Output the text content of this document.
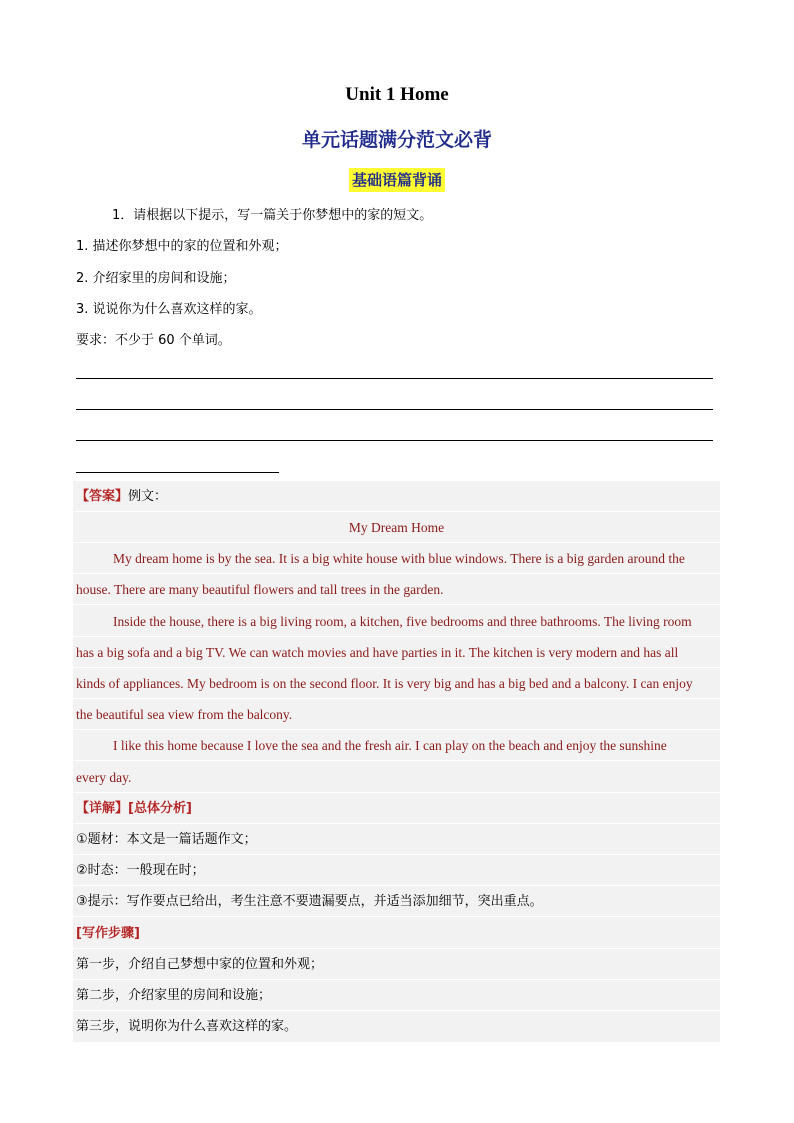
Unit 1 Home
单元话题满分范文必背
基础语篇背诵
1．请根据以下提示，写一篇关于你梦想中的家的短文。
1. 描述你梦想中的家的位置和外观；
2. 介绍家里的房间和设施；
3. 说说你为什么喜欢这样的家。
要求：不少于 60 个单词。
【答案】例文：
My Dream Home
My dream home is by the sea. It is a big white house with blue windows. There is a big garden around the
house. There are many beautiful flowers and tall trees in the garden.
Inside the house, there is a big living room, a kitchen, five bedrooms and three bathrooms. The living room
has a big sofa and a big TV. We can watch movies and have parties in it. The kitchen is very modern and has all
kinds of appliances. My bedroom is on the second floor. It is very big and has a big bed and a balcony. I can enjoy
the beautiful sea view from the balcony.
I like this home because I love the sea and the fresh air. I can play on the beach and enjoy the sunshine
every day.
【详解】[总体分析]
①题材：本文是一篇话题作文；
②时态：一般现在时；
③提示：写作要点已给出，考生注意不要遗漏要点，并适当添加细节，突出重点。
[写作步骤]
第一步，介绍自己梦想中家的位置和外观；
第二步，介绍家里的房间和设施；
第三步，说明你为什么喜欢这样的家。
